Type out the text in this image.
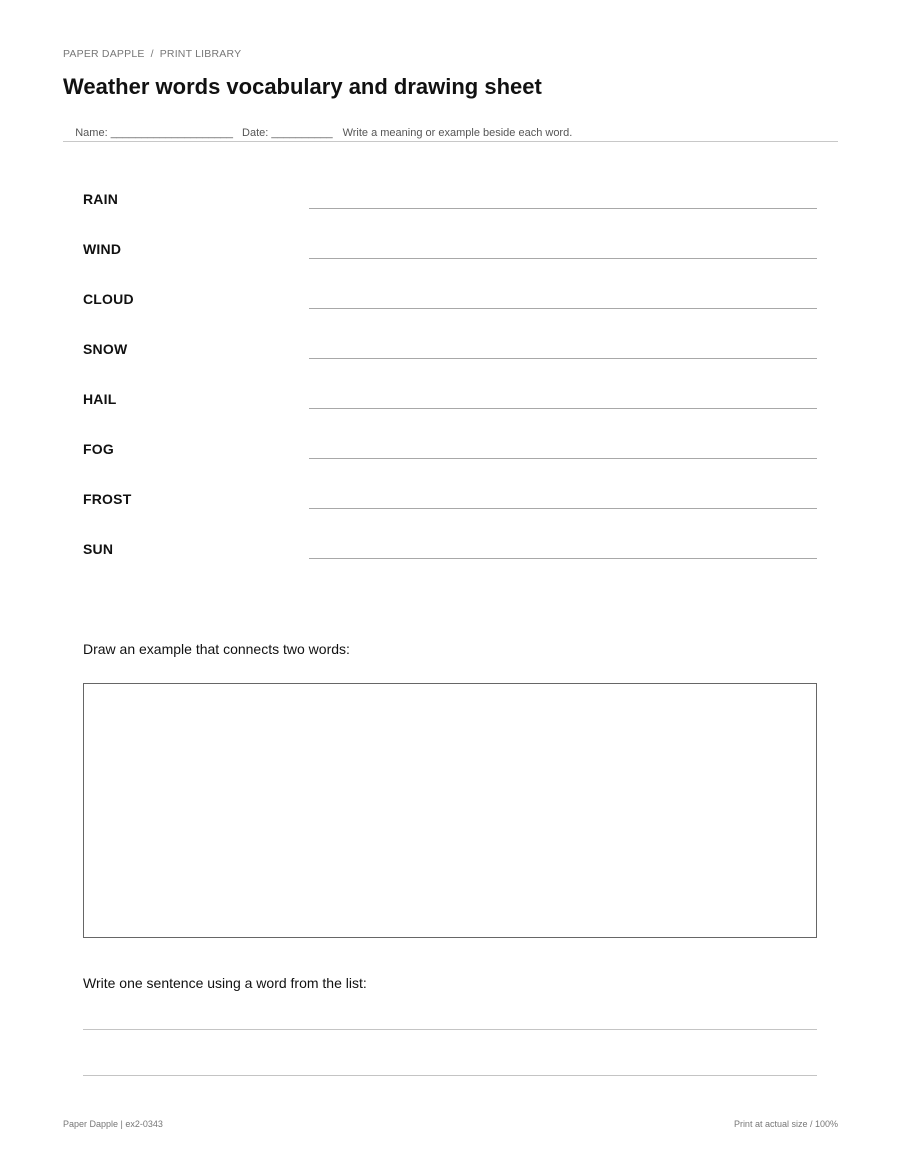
PAPER DAPPLE / PRINT LIBRARY
Weather words vocabulary and drawing sheet

Name: ____________________ Date: __________ Write a meaning or example beside each word.

RAIN
WIND
CLOUD
SNOW
HAIL
FOG
FROST
SUN
Draw an example that connects two words:
Write one sentence using a word from the list:
Paper Dapple | ex2-0343	Print at actual size / 100%
